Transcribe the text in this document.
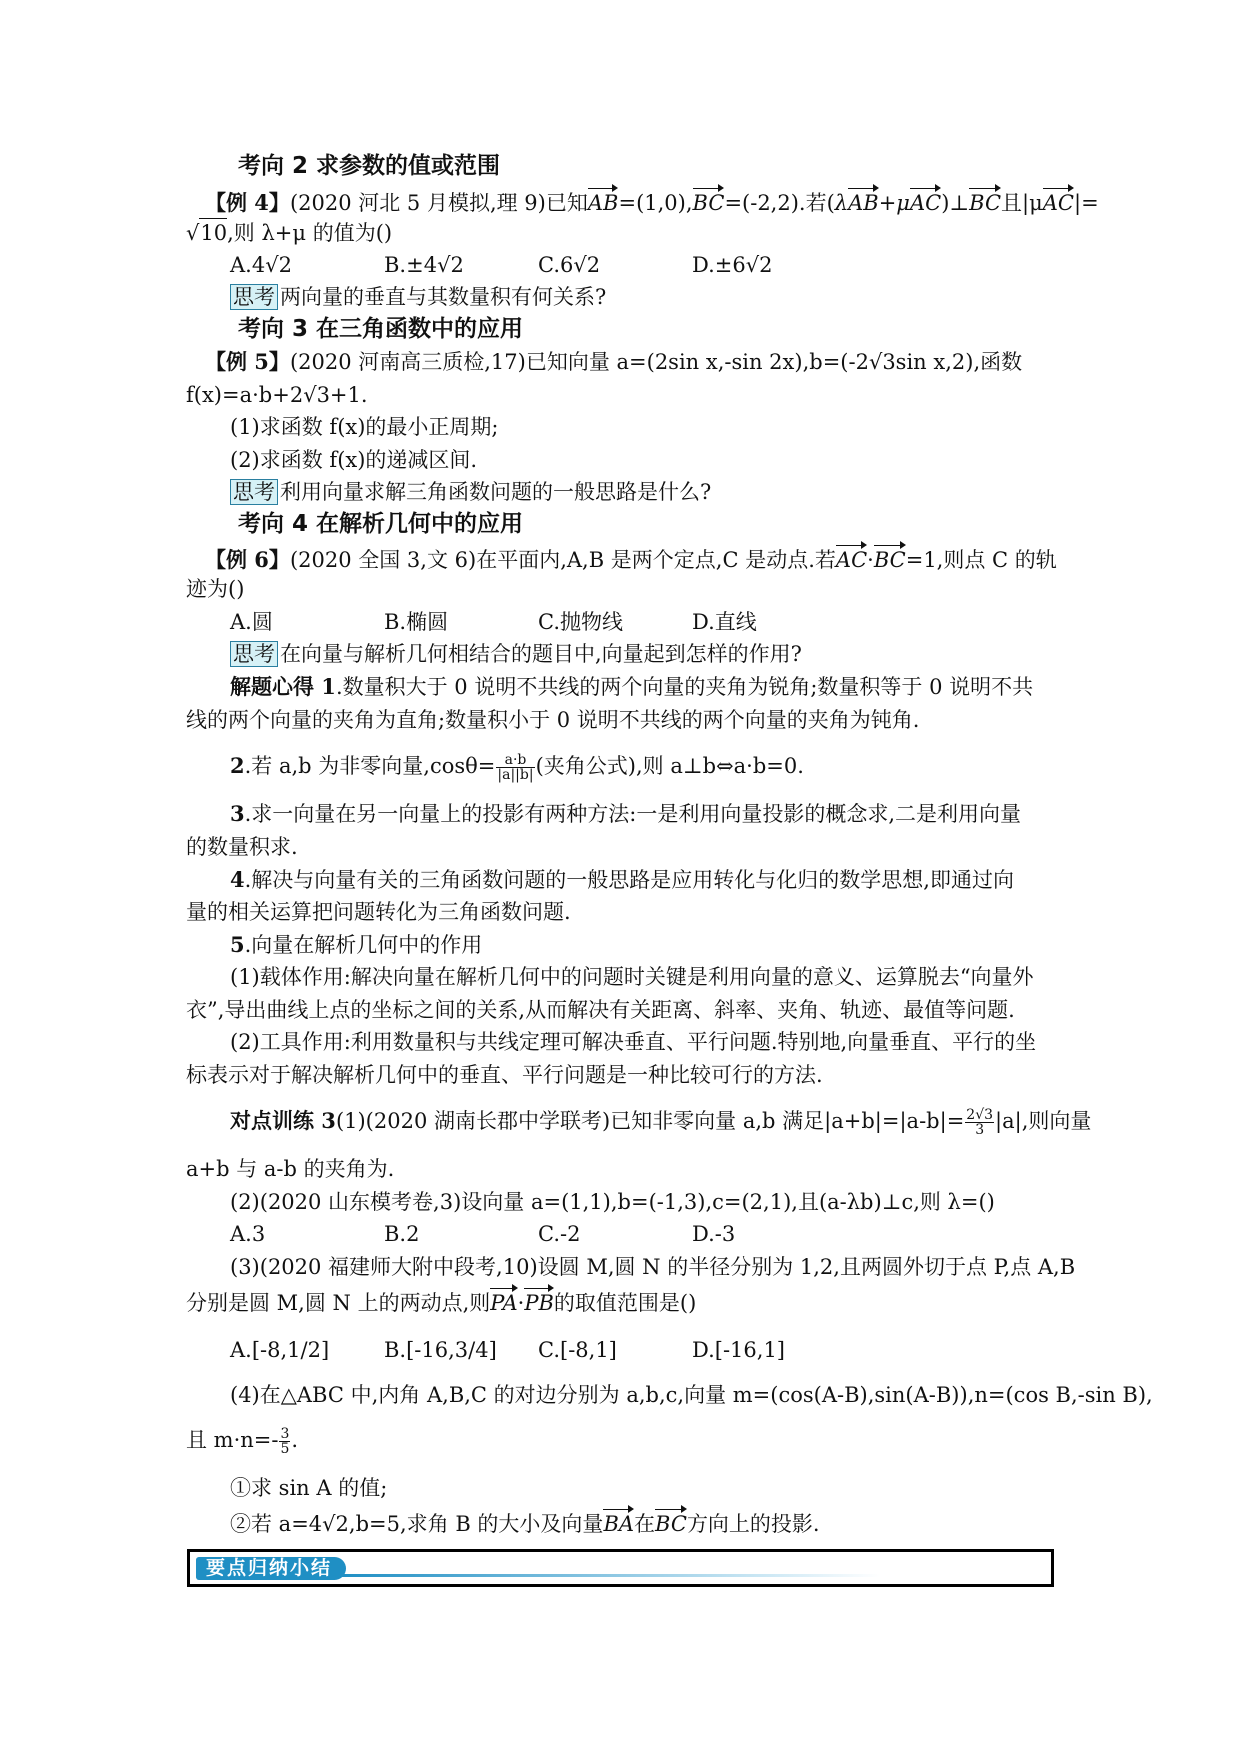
考向 2 求参数的值或范围
【例 4】(2020 河北 5 月模拟,理 9)已知AB=(1,0),BC=(-2,2).若(λAB+μAC)⊥BC且|μAC|=
√10,则 λ+μ 的值为()
A.4√2	B.±4√2	C.6√2	D.±6√2
思考 两向量的垂直与其数量积有何关系?
考向 3 在三角函数中的应用
【例 5】(2020 河南高三质检,17)已知向量 a=(2sin x,-sin 2x),b=(-2√3sin x,2),函数
f(x)=a·b+2√3+1.
(1)求函数 f(x)的最小正周期;
(2)求函数 f(x)的递减区间.
思考 利用向量求解三角函数问题的一般思路是什么?
考向 4 在解析几何中的应用
【例 6】(2020 全国 3,文 6)在平面内,A,B 是两个定点,C 是动点.若AC·BC=1,则点 C 的轨
迹为()
A.圆	B.椭圆	C.抛物线	D.直线
思考 在向量与解析几何相结合的题目中,向量起到怎样的作用?
解题心得 1.数量积大于 0 说明不共线的两个向量的夹角为锐角;数量积等于 0 说明不共
线的两个向量的夹角为直角;数量积小于 0 说明不共线的两个向量的夹角为钝角.
2.若 a,b 为非零向量$,\cos\theta= \frac{a\cdot b}{|a||b|}$ (夹角公式),则 a⊥b⇔a·b=0.
3.求一向量在另一向量上的投影有两种方法:一是利用向量投影的概念求,二是利用向量
的数量积求.
4.解决与向量有关的三角函数问题的一般思路是应用转化与化归的数学思想,即通过向
量的相关运算把问题转化为三角函数问题.
5.向量在解析几何中的作用
(1)载体作用:解决向量在解析几何中的问题时关键是利用向量的意义、运算脱去“向量外
衣”,导出曲线上点的坐标之间的关系,从而解决有关距离、斜率、夹角、轨迹、最值等问题.
(2)工具作用:利用数量积与共线定理可解决垂直、平行问题.特别地,向量垂直、平行的坐
标表示对于解决解析几何中的垂直、平行问题是一种比较可行的方法.
对点训练 3(1)(2020 湖南长郡中学联考)已知非零向量 a,b 满足$|a+b|=|a-b|= \frac{2√3}{3} |a|$,则向量
a+b 与 a-b 的夹角为.
(2)(2020 山东模考卷,3)设向量 a=(1,1),b=(-1,3),c=(2,1),且(a-λb)⊥c,则 λ=()
A.3	B.2	C.-2	D.-3
(3)(2020 福建师大附中段考,10)设圆 M,圆 N 的半径分别为 1,2,且两圆外切于点 P,点 A,B
分别是圆 M,圆 N 上的两动点,则PA·PB的取值范围是()
A.[-8,1/2]	B.[-16,3/4] C.[-8,1]	D.[-16,1]
(4)在△ABC 中,内角 A,B,C 的对边分别为 a,b,c,向量 m=(cos(A-B),sin(A-B)),n=(cos B,-sin B),
且 $m\cdot n=- \frac{3}{5}$ .
①求 sin A 的值;
②若 a=4√2,b=5,求角 B 的大小及向量BA在BC方向上的投影.
要点归纳小结
